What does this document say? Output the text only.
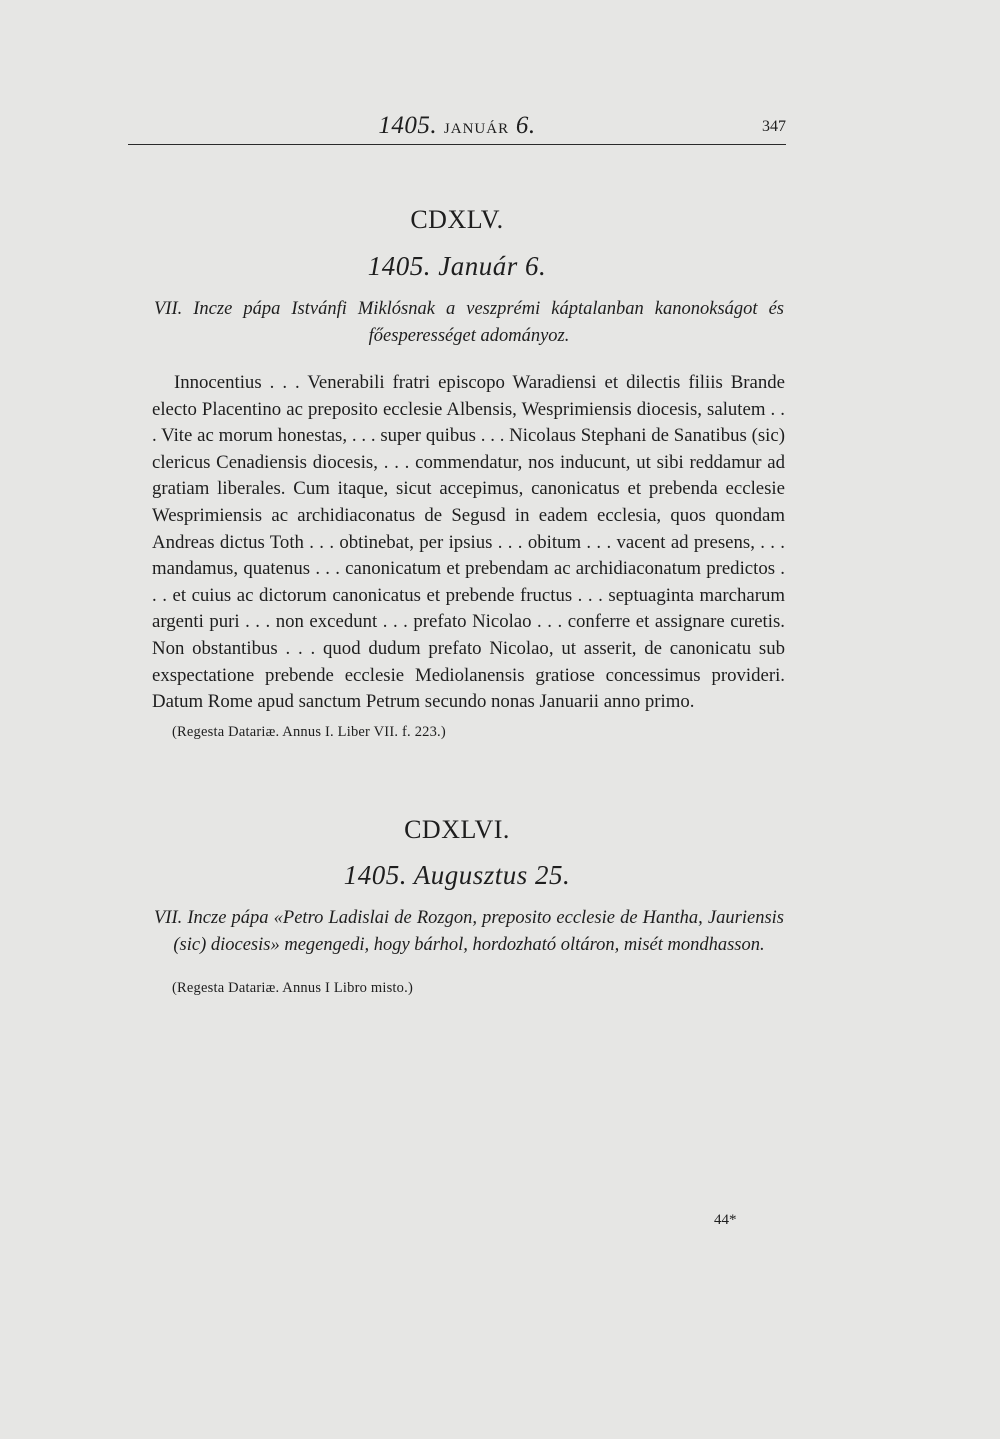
1405. JANUÁR 6.	347
CDXLV.
1405. Január 6.
VII. Incze pápa Istvánfi Miklósnak a veszprémi káptalanban kanonokságot és főesperességet adományoz.
Innocentius . . . Venerabili fratri episcopo Waradiensi et dilectis filiis Brande electo Placentino ac preposito ecclesie Albensis, Wesprimiensis diocesis, salutem . . . Vite ac morum honestas, . . . super quibus . . . Nicolaus Stephani de Sanatibus (sic) clericus Cenadiensis diocesis, . . . commendatur, nos inducunt, ut sibi reddamur ad gratiam liberales. Cum itaque, sicut accepimus, canonicatus et prebenda ecclesie Wesprimiensis ac archidiaconatus de Segusd in eadem ecclesia, quos quondam Andreas dictus Toth . . . obtinebat, per ipsius . . . obitum . . . vacent ad presens, . . . mandamus, quatenus . . . canonicatum et prebendam ac archidiaconatum predictos . . . et cuius ac dictorum canonicatus et prebende fructus . . . septuaginta marcharum argenti puri . . . non excedunt . . . prefato Nicolao . . . conferre et assignare curetis. Non obstantibus . . . quod dudum prefato Nicolao, ut asserit, de canonicatu sub exspectatione prebende ecclesie Mediolanensis gratiose concessimus provideri. Datum Rome apud sanctum Petrum secundo nonas Januarii anno primo.
(Regesta Datariæ. Annus I. Liber VII. f. 223.)
CDXLVI.
1405. Augusztus 25.
VII. Incze pápa «Petro Ladislai de Rozgon, preposito ecclesie de Hantha, Jauriensis (sic) diocesis» megengedi, hogy bárhol, hordozható oltáron, misét mondhasson.
(Regesta Datariæ. Annus I Libro misto.)
44*
